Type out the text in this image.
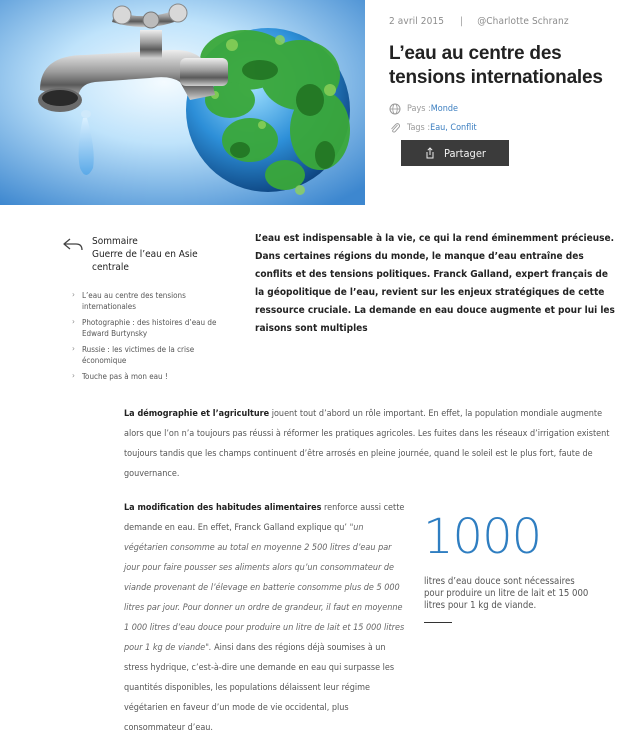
2 avril 2015 | @Charlotte Schranz
L’eau au centre des tensions internationales
Pays : Monde
Tags : Eau, Conflit
Partager
Sommaire
Guerre de l’eau en Asie centrale
› L’eau au centre des tensions internationales
› Photographie : des histoires d’eau de Edward Burtynsky
› Russie : les victimes de la crise économique
› Touche pas à mon eau !

L’eau est indispensable à la vie, ce qui la rend éminemment précieuse. Dans certaines régions du monde, le manque d’eau entraîne des conflits et des tensions politiques. Franck Galland, expert français de la géopolitique de l’eau, revient sur les enjeux stratégiques de cette ressource cruciale. La demande en eau douce augmente et pour lui les raisons sont multiples

La démographie et l’agriculture jouent tout d’abord un rôle important. En effet, la population mondiale augmente alors que l’on n’a toujours pas réussi à réformer les pratiques agricoles. Les fuites dans les réseaux d’irrigation existent toujours tandis que les champs continuent d’être arrosés en pleine journée, quand le soleil est le plus fort, faute de gouvernance.

La modification des habitudes alimentaires renforce aussi cette demande en eau. En effet, Franck Galland explique qu’ "un végétarien consomme au total en moyenne 2 500 litres d’eau par jour pour faire pousser ses aliments alors qu’un consommateur de viande provenant de l’élevage en batterie consomme plus de 5 000 litres par jour. Pour donner un ordre de grandeur, il faut en moyenne 1 000 litres d’eau douce pour produire un litre de lait et 15 000 litres pour 1 kg de viande". Ainsi dans des régions déjà soumises à un stress hydrique, c’est-à-dire une demande en eau qui surpasse les quantités disponibles, les populations délaissent leur régime végétarien en faveur d’un mode de vie occidental, plus consommateur d’eau.

1000
litres d’eau douce sont nécessaires pour produire un litre de lait et 15 000 litres pour 1 kg de viande.
